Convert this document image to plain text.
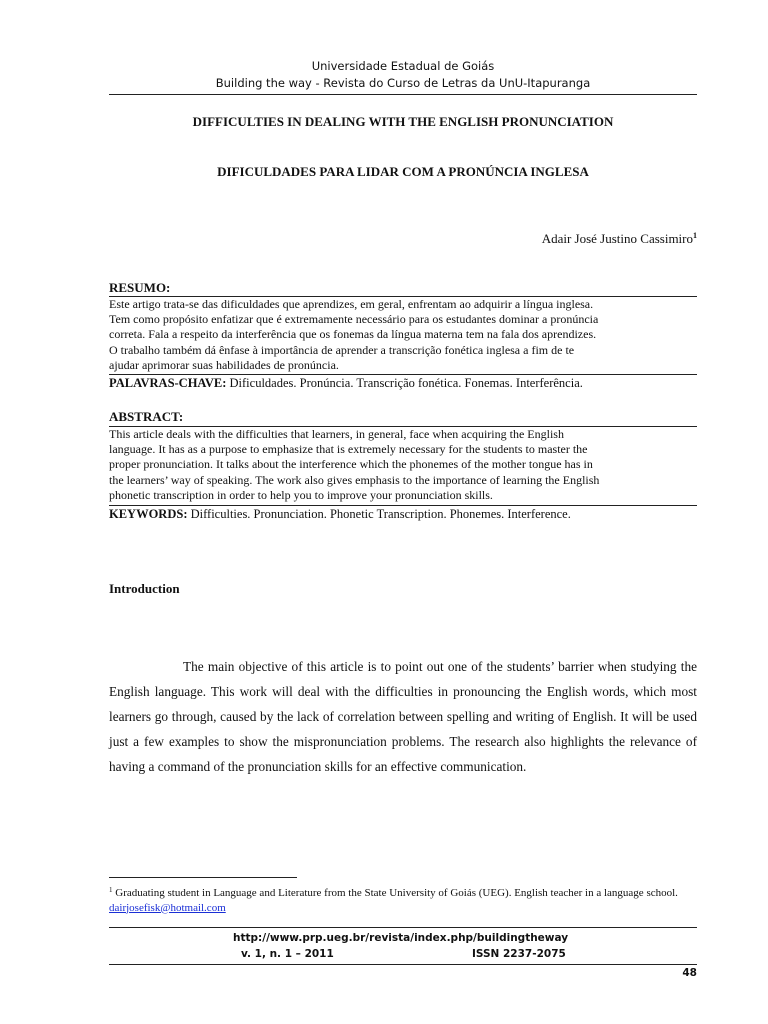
Universidade Estadual de Goiás
Building the way - Revista do Curso de Letras da UnU-Itapuranga
DIFFICULTIES IN DEALING WITH THE ENGLISH PRONUNCIATION
DIFICULDADES PARA LIDAR COM A PRONÚNCIA INGLESA
Adair José Justino Cassimiro$^1$
RESUMO:
Este artigo trata-se das dificuldades que aprendizes, em geral, enfrentam ao adquirir a língua inglesa.
Tem como propósito enfatizar que é extremamente necessário para os estudantes dominar a pronúncia
correta. Fala a respeito da interferência que os fonemas da língua materna tem na fala dos aprendizes.
O trabalho também dá ênfase à importância de aprender a transcrição fonética inglesa a fim de te
ajudar aprimorar suas habilidades de pronúncia.
PALAVRAS-CHAVE: Dificuldades. Pronúncia. Transcrição fonética. Fonemas. Interferência.
ABSTRACT:
This article deals with the difficulties that learners, in general, face when acquiring the English
language. It has as a purpose to emphasize that is extremely necessary for the students to master the
proper pronunciation. It talks about the interference which the phonemes of the mother tongue has in
the learners’ way of speaking. The work also gives emphasis to the importance of learning the English
phonetic transcription in order to help you to improve your pronunciation skills.
KEYWORDS: Difficulties. Pronunciation. Phonetic Transcription. Phonemes. Interference.
Introduction
The main objective of this article is to point out one of the students’ barrier when studying the English language. This work will deal with the difficulties in pronouncing the English words, which most learners go through, caused by the lack of correlation between spelling and writing of English. It will be used just a few examples to show the mispronunciation problems. The research also highlights the relevance of having a command of the pronunciation skills for an effective communication.
$^1$ Graduating student in Language and Literature from the State University of Goiás (UEG). English teacher in a language school. dairjosefisk@hotmail.com
http://www.prp.ueg.br/revista/index.php/buildingtheway
v. 1, n. 1 – 2011	ISSN 2237-2075
48
